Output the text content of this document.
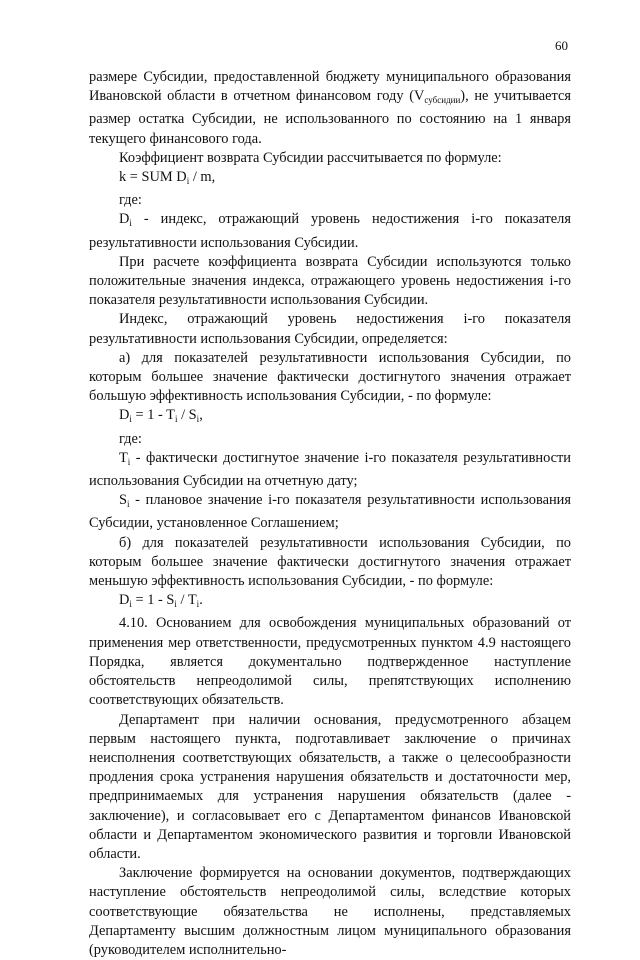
60

размере Субсидии, предоставленной бюджету муниципального образования Ивановской области в отчетном финансовом году $(V_{субсидии})$, не учитывается размер остатка Субсидии, не использованного по состоянию на 1 января текущего финансового года.

Коэффициент возврата Субсидии рассчитывается по формуле:

k = SUM $D_i$ / m,

где:

$D_i$ - индекс, отражающий уровень недостижения i-го показателя результативности использования Субсидии.

При расчете коэффициента возврата Субсидии используются только положительные значения индекса, отражающего уровень недостижения i-го показателя результативности использования Субсидии.

Индекс, отражающий уровень недостижения i-го показателя результативности использования Субсидии, определяется:

а) для показателей результативности использования Субсидии, по которым большее значение фактически достигнутого значения отражает большую эффективность использования Субсидии, - по формуле:

$D_i = 1 - T_i / S_i$,

где:

$T_i$ - фактически достигнутое значение i-го показателя результативности использования Субсидии на отчетную дату;

$S_i$ - плановое значение i-го показателя результативности использования Субсидии, установленное Соглашением;

б) для показателей результативности использования Субсидии, по которым большее значение фактически достигнутого значения отражает меньшую эффективность использования Субсидии, - по формуле:

$D_i = 1 - S_i / T_i$.

4.10. Основанием для освобождения муниципальных образований от применения мер ответственности, предусмотренных пунктом 4.9 настоящего Порядка, является документально подтвержденное наступление обстоятельств непреодолимой силы, препятствующих исполнению соответствующих обязательств.

Департамент при наличии основания, предусмотренного абзацем первым настоящего пункта, подготавливает заключение о причинах неисполнения соответствующих обязательств, а также о целесообразности продления срока устранения нарушения обязательств и достаточности мер, предпринимаемых для устранения нарушения обязательств (далее - заключение), и согласовывает его с Департаментом финансов Ивановской области и Департаментом экономического развития и торговли Ивановской области.

Заключение формируется на основании документов, подтверждающих наступление обстоятельств непреодолимой силы, вследствие которых соответствующие обязательства не исполнены, представляемых Департаменту высшим должностным лицом муниципального образования (руководителем исполнительно-
